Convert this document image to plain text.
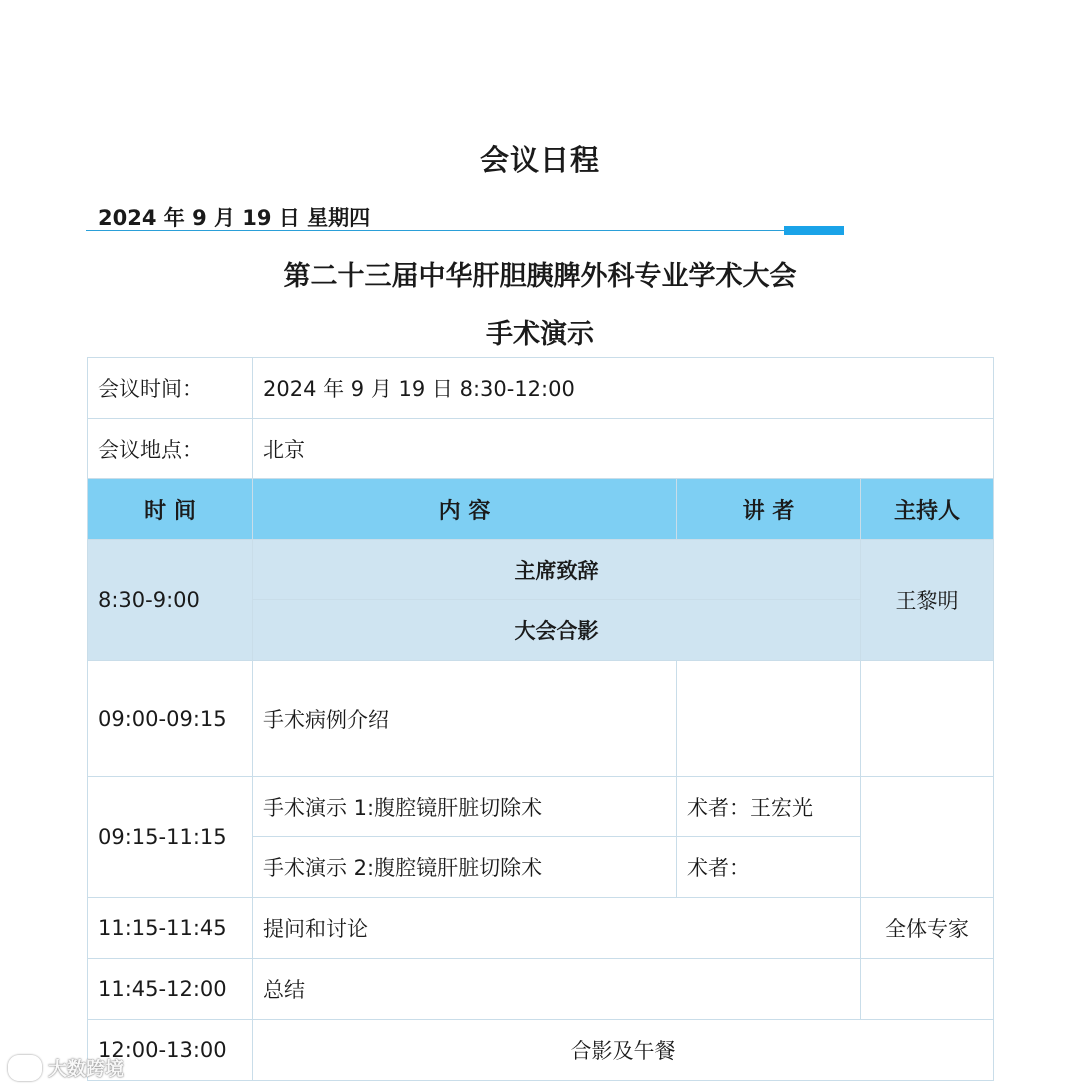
会议日程
2024 年 9 月 19 日 星期四
第二十三届中华肝胆胰脾外科专业学术大会
手术演示
会议时间：	2024 年 9 月 19 日 8:30-12:00		
会议地点：	北京		
时 间	内 容	讲 者	主持人
8:30-9:00	主席致辞		王黎明
	大会合影		
09:00-09:15	手术病例介绍		
09:15-11:15	手术演示 1:腹腔镜肝脏切除术	术者：王宏光	
	手术演示 2:腹腔镜肝脏切除术	术者：	
11:15-11:45	提问和讨论		全体专家
11:45-12:00	总结		
12:00-13:00	合影及午餐		
大数跨境
